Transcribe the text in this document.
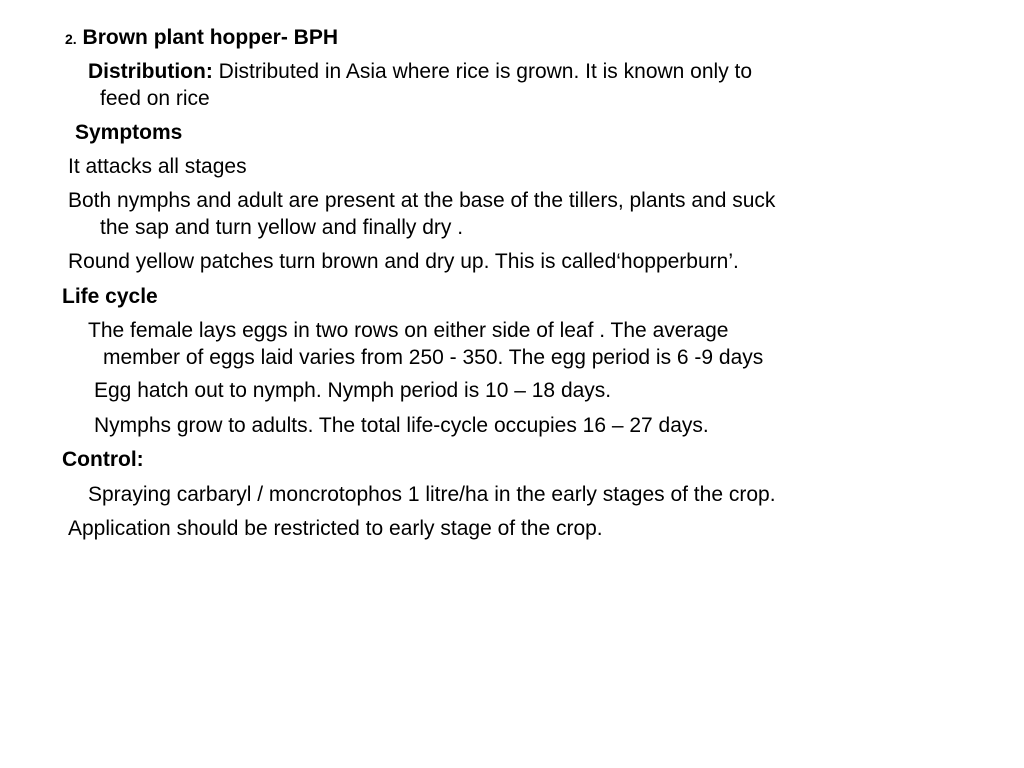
2. Brown plant hopper- BPH
Distribution: Distributed in Asia where rice is grown. It is known only to
feed on rice
Symptoms
It attacks all stages
Both nymphs and adult are present at the base of the tillers, plants and suck
the sap and turn yellow and finally dry .
Round yellow patches turn brown and dry up. This is called‘hopperburn’.
Life cycle
The female lays eggs in two rows on either side of leaf . The average
member of eggs laid varies from 250 - 350. The egg period is 6 -9 days
Egg hatch out to nymph. Nymph period is 10 – 18 days.
Nymphs grow to adults. The total life-cycle occupies 16 – 27 days.
Control:
Spraying carbaryl / moncrotophos 1 litre/ha in the early stages of the crop.
Application should be restricted to early stage of the crop.
